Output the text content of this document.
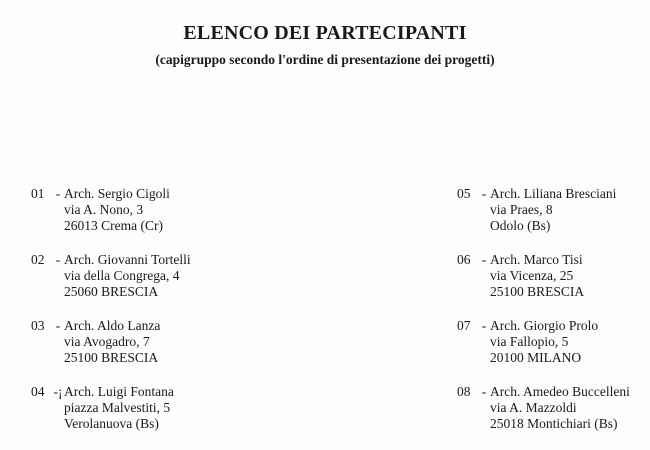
ELENCO DEI PARTECIPANTI
(capigruppo secondo l'ordine di presentazione dei progetti)
01 - Arch. Sergio Cigoli
via A. Nono, 3
26013 Crema (Cr)
02 - Arch. Giovanni Tortelli
via della Congrega, 4
25060 BRESCIA
03 - Arch. Aldo Lanza
via Avogadro, 7
25100 BRESCIA
04 -¡ Arch. Luigi Fontana
piazza Malvestiti, 5
Verolanuova (Bs)
05 - Arch. Liliana Bresciani
via Praes, 8
Odolo (Bs)
06 - Arch. Marco Tisi
via Vicenza, 25
25100 BRESCIA
07 - Arch. Giorgio Prolo
via Fallopio, 5
20100 MILANO
08 - Arch. Amedeo Buccelleni
via A. Mazzoldi
25018 Montichiari (Bs)
